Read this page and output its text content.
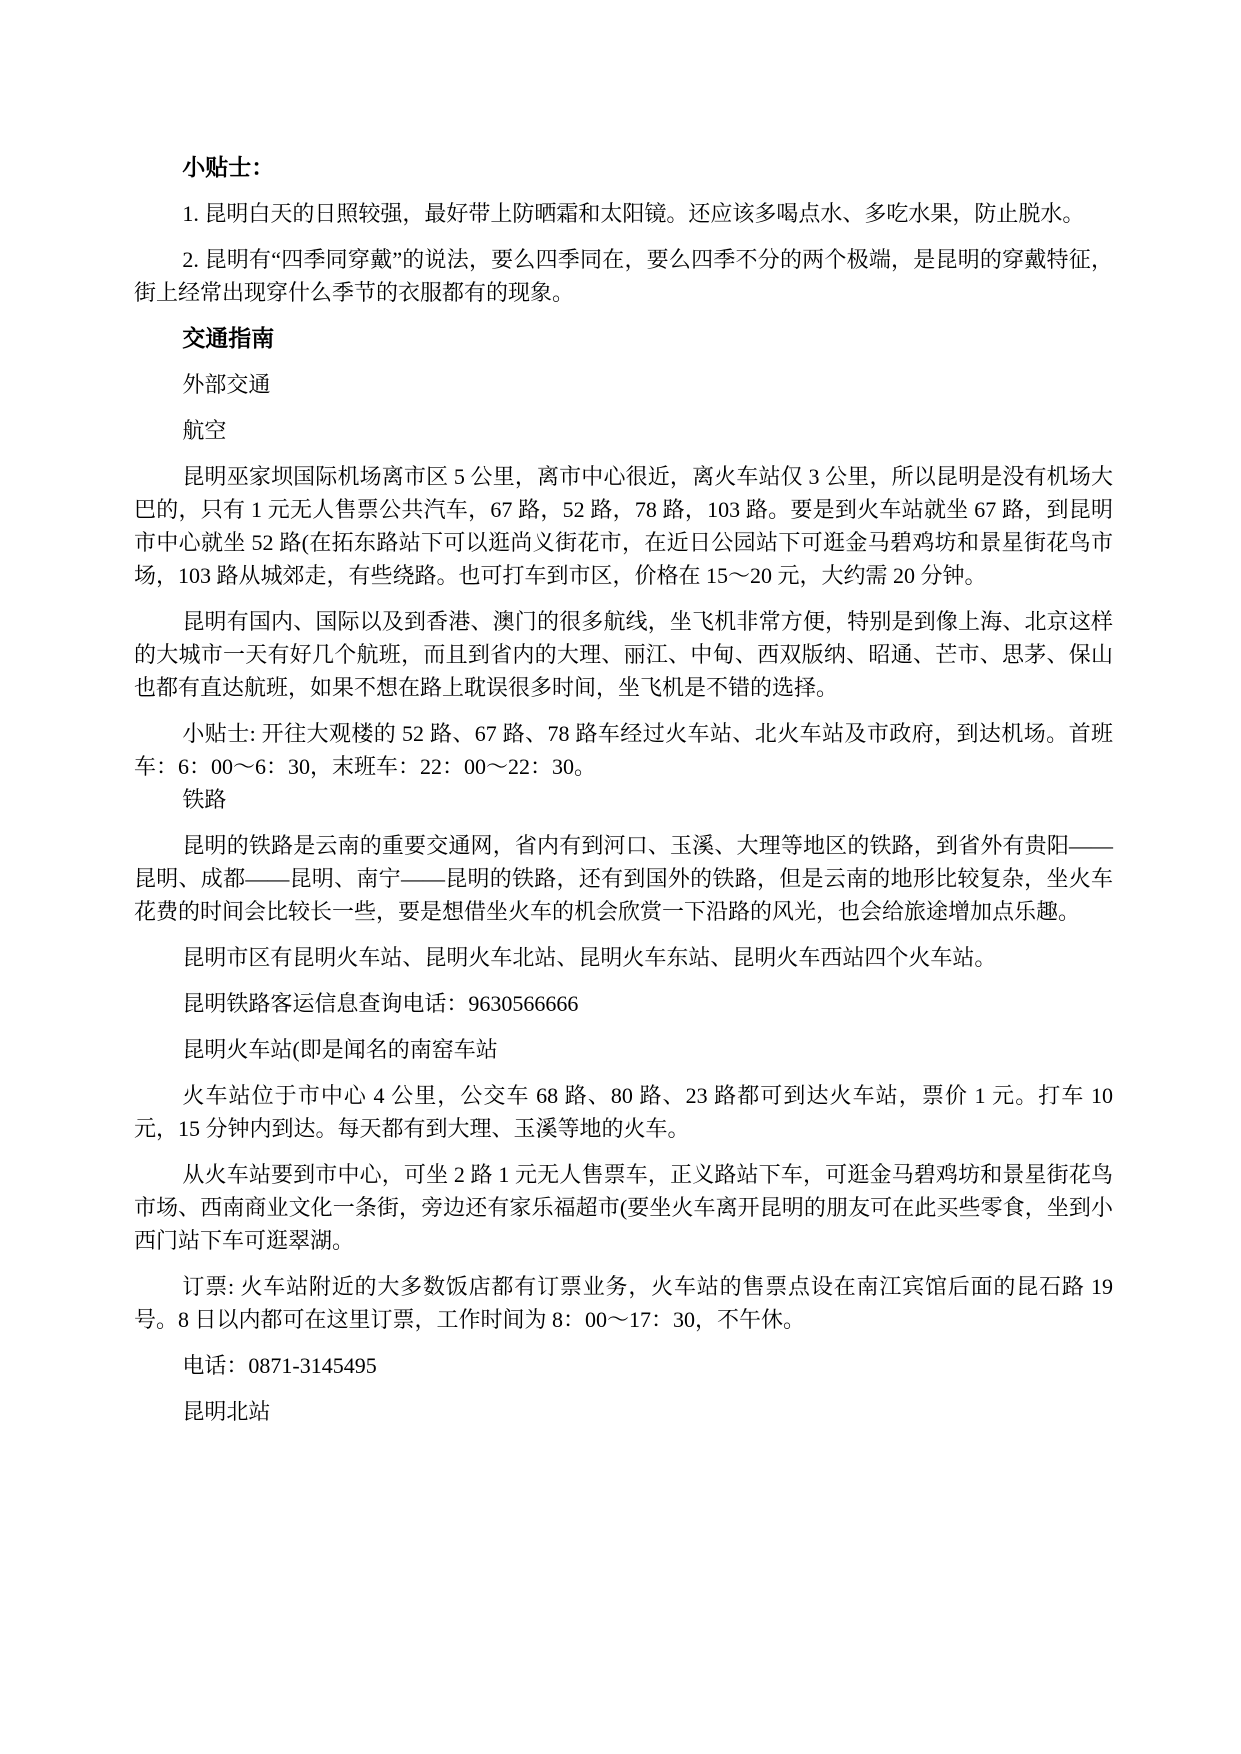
小贴士：

1. 昆明白天的日照较强，最好带上防晒霜和太阳镜。还应该多喝点水、多吃水果，防止脱水。

2. 昆明有“四季同穿戴”的说法，要么四季同在，要么四季不分的两个极端，是昆明的穿戴特征，街上经常出现穿什么季节的衣服都有的现象。

交通指南

外部交通

航空

昆明巫家坝国际机场离市区 5 公里，离市中心很近，离火车站仅 3 公里，所以昆明是没有机场大巴的，只有 1 元无人售票公共汽车，67 路，52 路，78 路，103 路。要是到火车站就坐 67 路，到昆明市中心就坐 52 路(在拓东路站下可以逛尚义街花市，在近日公园站下可逛金马碧鸡坊和景星街花鸟市场，103 路从城郊走，有些绕路。也可打车到市区，价格在 15～20 元，大约需 20 分钟。

昆明有国内、国际以及到香港、澳门的很多航线，坐飞机非常方便，特别是到像上海、北京这样的大城市一天有好几个航班，而且到省内的大理、丽江、中甸、西双版纳、昭通、芒市、思茅、保山也都有直达航班，如果不想在路上耽误很多时间，坐飞机是不错的选择。

小贴士: 开往大观楼的 52 路、67 路、78 路车经过火车站、北火车站及市政府，到达机场。首班车：6：00～6：30，末班车：22：00～22：30。

铁路

昆明的铁路是云南的重要交通网，省内有到河口、玉溪、大理等地区的铁路，到省外有贵阳——昆明、成都——昆明、南宁——昆明的铁路，还有到国外的铁路，但是云南的地形比较复杂，坐火车花费的时间会比较长一些，要是想借坐火车的机会欣赏一下沿路的风光，也会给旅途增加点乐趣。

昆明市区有昆明火车站、昆明火车北站、昆明火车东站、昆明火车西站四个火车站。

昆明铁路客运信息查询电话：9630566666

昆明火车站(即是闻名的南窑车站

火车站位于市中心 4 公里，公交车 68 路、80 路、23 路都可到达火车站，票价 1 元。打车 10 元，15 分钟内到达。每天都有到大理、玉溪等地的火车。

从火车站要到市中心，可坐 2 路 1 元无人售票车，正义路站下车，可逛金马碧鸡坊和景星街花鸟市场、西南商业文化一条街，旁边还有家乐福超市(要坐火车离开昆明的朋友可在此买些零食，坐到小西门站下车可逛翠湖。

订票: 火车站附近的大多数饭店都有订票业务，火车站的售票点设在南江宾馆后面的昆石路 19 号。8 日以内都可在这里订票，工作时间为 8：00～17：30，不午休。

电话：0871-3145495

昆明北站
